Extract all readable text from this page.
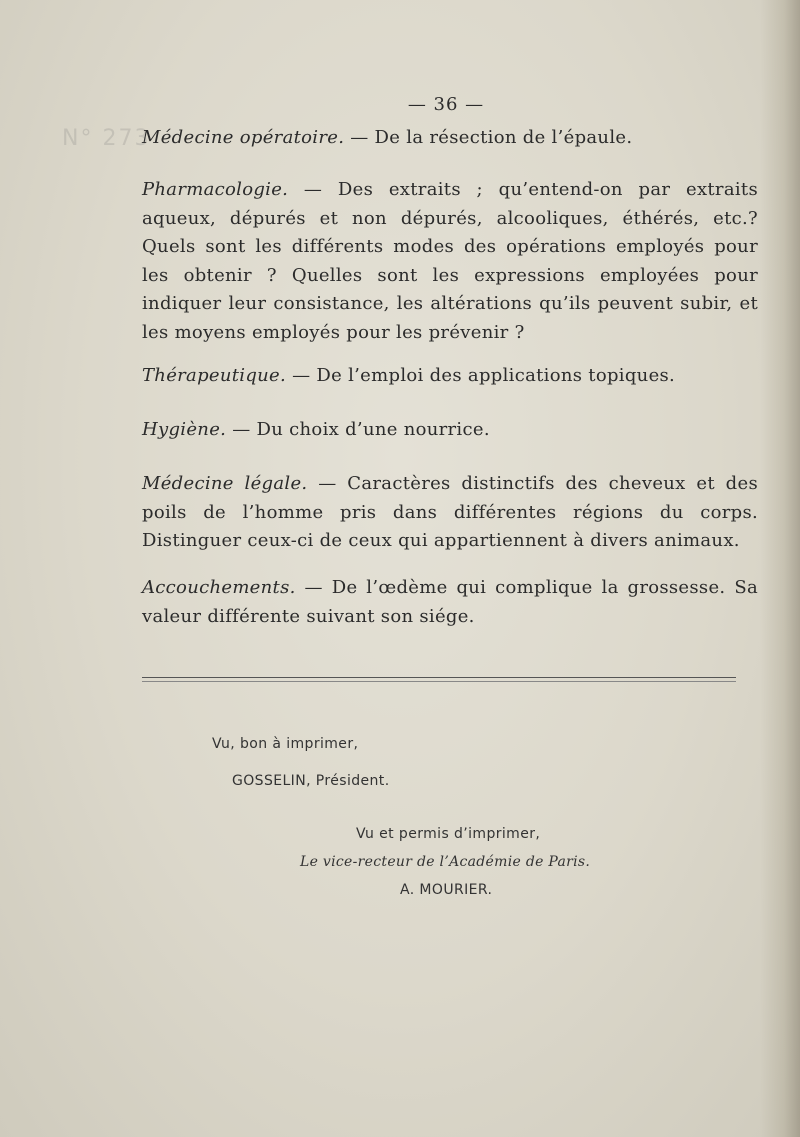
N° 273
— 36 —

Médecine opératoire. — De la résection de l’épaule.

Pharmacologie. — Des extraits ; qu’entend-on par extraits aqueux, dépurés et non dépurés, alcooliques, éthérés, etc.? Quels sont les différents modes des opérations employés pour les obtenir ? Quelles sont les expressions employées pour indiquer leur consistance, les altérations qu’ils peuvent subir, et les moyens employés pour les prévenir ?

Thérapeutique. — De l’emploi des applications topiques.

Hygiène. — Du choix d’une nourrice.

Médecine légale. — Caractères distinctifs des cheveux et des poils de l’homme pris dans différentes régions du corps. Distinguer ceux-ci de ceux qui appartiennent à divers animaux.

Accouchements. — De l’œdème qui complique la grossesse. Sa valeur différente suivant son siége.

Vu, bon à imprimer,
GOSSELIN, Président.
Vu et permis d’imprimer,
Le vice-recteur de l’Académie de Paris.
A. MOURIER.
